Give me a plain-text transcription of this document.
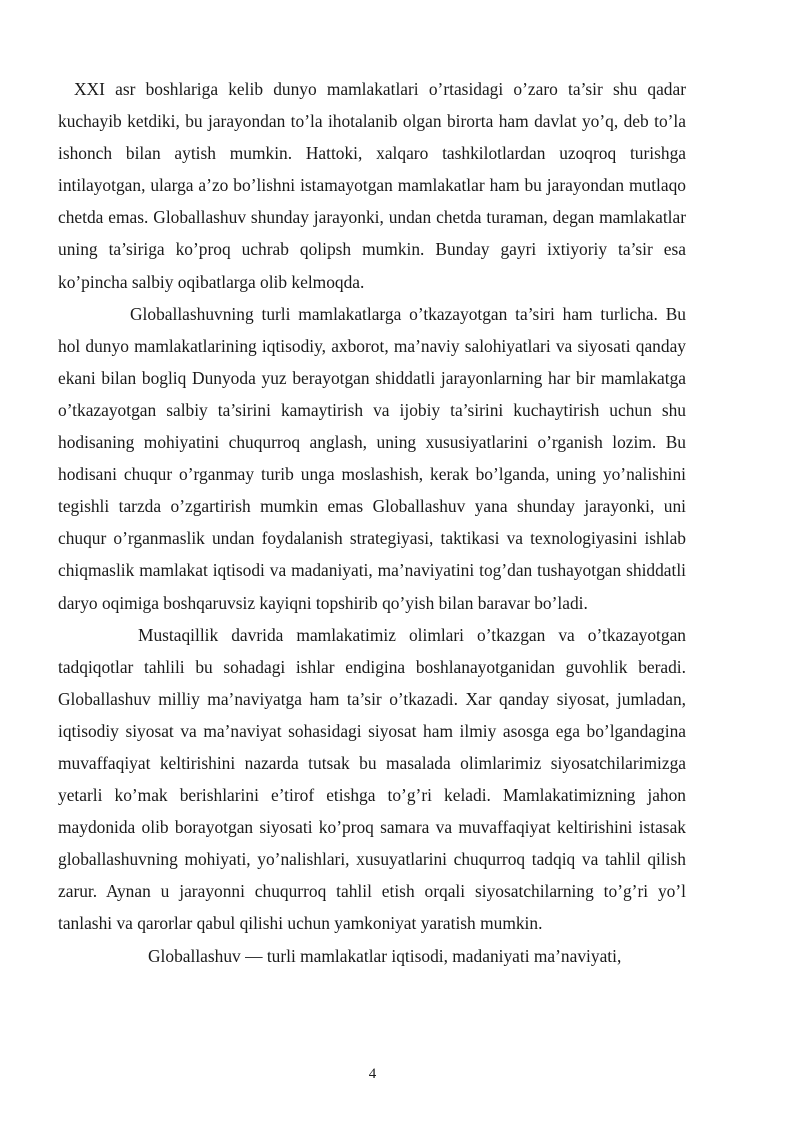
XXI asr boshlariga kelib dunyo mamlakatlari o’rtasidagi o’zaro ta’sir shu qadar kuchayib ketdiki, bu jarayondan to’la ihotalanib olgan birorta ham davlat yo’q, deb to’la ishonch bilan aytish mumkin. Hattoki, xalqaro tashkilotlardan uzoqroq turishga intilayotgan, ularga a’zo bo’lishni istamayotgan mamlakatlar ham bu jarayondan mutlaqo chetda emas. Globallashuv shunday jarayonki, undan chetda turaman, degan mamlakatlar uning ta’siriga ko’proq uchrab qolipsh mumkin. Bunday gayri ixtiyoriy ta’sir esa ko’pincha salbiy oqibatlarga olib kelmoqda.

Globallashuvning turli mamlakatlarga o’tkazayotgan ta’siri ham turlicha. Bu hol dunyo mamlakatlarining iqtisodiy, axborot, ma’naviy salohiyatlari va siyosati qanday ekani bilan bogliq Dunyoda yuz berayotgan shiddatli jarayonlarning har bir mamlakatga o’tkazayotgan salbiy ta’sirini kamaytirish va ijobiy ta’sirini kuchaytirish uchun shu hodisaning mohiyatini chuqurroq anglash, uning xususiyatlarini o’rganish lozim. Bu hodisani chuqur o’rganmay turib unga moslashish, kerak bo’lganda, uning yo’nalishini tegishli tarzda o’zgartirish mumkin emas Globallashuv yana shunday jarayonki, uni chuqur o’rganmaslik undan foydalanish strategiyasi, taktikasi va texnologiyasini ishlab chiqmaslik mamlakat iqtisodi va madaniyati, ma’naviyatini tog’dan tushayotgan shiddatli daryo oqimiga boshqaruvsiz kayiqni topshirib qo’yish bilan baravar bo’ladi.

Mustaqillik davrida mamlakatimiz olimlari o’tkazgan va o’tkazayotgan tadqiqotlar tahlili bu sohadagi ishlar endigina boshlanayotganidan guvohlik beradi. Globallashuv milliy ma’naviyatga ham ta’sir o’tkazadi. Xar qanday siyosat, jumladan, iqtisodiy siyosat va ma’naviyat sohasidagi siyosat ham ilmiy asosga ega bo’lgandagina muvaffaqiyat keltirishini nazarda tutsak bu masalada olimlarimiz siyosatchilarimizga yetarli ko’mak berishlarini e’tirof etishga to’g’ri keladi. Mamlakatimizning jahon maydonida olib borayotgan siyosati ko’proq samara va muvaffaqiyat keltirishini istasak globallashuvning mohiyati, yo’nalishlari, xusuyatlarini chuqurroq tadqiq va tahlil qilish zarur. Aynan u jarayonni chuqurroq tahlil etish orqali siyosatchilarning to’g’ri yo’l tanlashi va qarorlar qabul qilishi uchun yamkoniyat yaratish mumkin.

Globallashuv — turli mamlakatlar iqtisodi, madaniyati ma’naviyati,

4
